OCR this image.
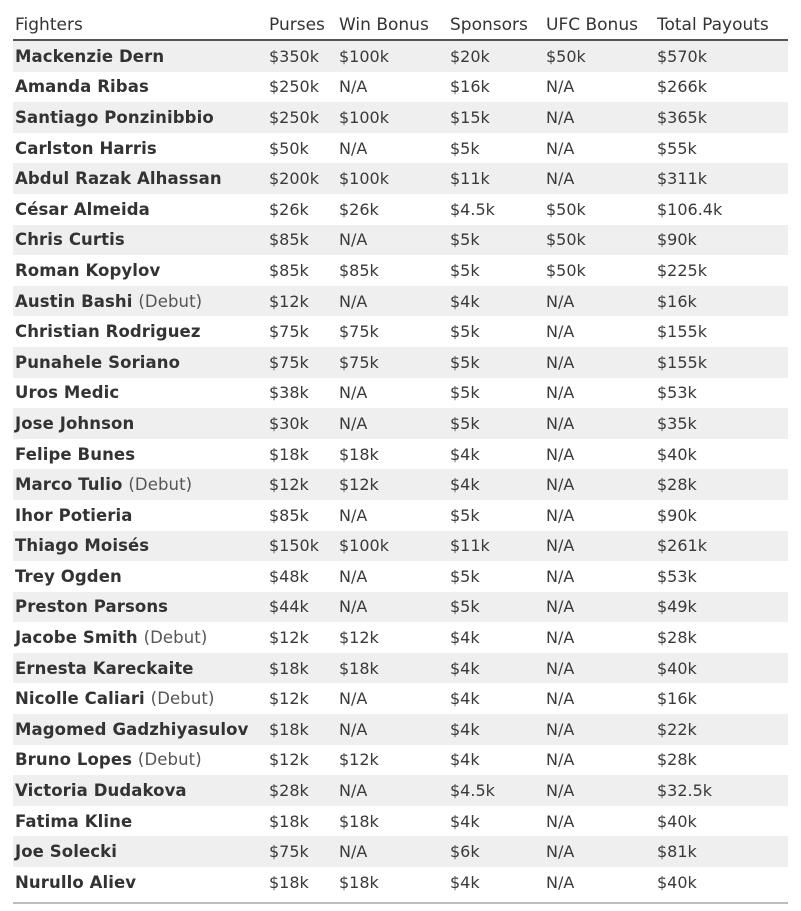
Fighters	Purses	Win Bonus	Sponsors	UFC Bonus	Total Payouts
Mackenzie Dern	$350k	$100k	$20k	$50k	$570k
Amanda Ribas	$250k	N/A	$16k	N/A	$266k
Santiago Ponzinibbio	$250k	$100k	$15k	N/A	$365k
Carlston Harris	$50k	N/A	$5k	N/A	$55k
Abdul Razak Alhassan	$200k	$100k	$11k	N/A	$311k
César Almeida	$26k	$26k	$4.5k	$50k	$106.4k
Chris Curtis	$85k	N/A	$5k	$50k	$90k
Roman Kopylov	$85k	$85k	$5k	$50k	$225k
Austin Bashi (Debut)	$12k	N/A	$4k	N/A	$16k
Christian Rodriguez	$75k	$75k	$5k	N/A	$155k
Punahele Soriano	$75k	$75k	$5k	N/A	$155k
Uros Medic	$38k	N/A	$5k	N/A	$53k
Jose Johnson	$30k	N/A	$5k	N/A	$35k
Felipe Bunes	$18k	$18k	$4k	N/A	$40k
Marco Tulio (Debut)	$12k	$12k	$4k	N/A	$28k
Ihor Potieria	$85k	N/A	$5k	N/A	$90k
Thiago Moisés	$150k	$100k	$11k	N/A	$261k
Trey Ogden	$48k	N/A	$5k	N/A	$53k
Preston Parsons	$44k	N/A	$5k	N/A	$49k
Jacobe Smith (Debut)	$12k	$12k	$4k	N/A	$28k
Ernesta Kareckaite	$18k	$18k	$4k	N/A	$40k
Nicolle Caliari (Debut)	$12k	N/A	$4k	N/A	$16k
Magomed Gadzhiyasulov	$18k	N/A	$4k	N/A	$22k
Bruno Lopes (Debut)	$12k	$12k	$4k	N/A	$28k
Victoria Dudakova	$28k	N/A	$4.5k	N/A	$32.5k
Fatima Kline	$18k	$18k	$4k	N/A	$40k
Joe Solecki	$75k	N/A	$6k	N/A	$81k
Nurullo Aliev	$18k	$18k	$4k	N/A	$40k
